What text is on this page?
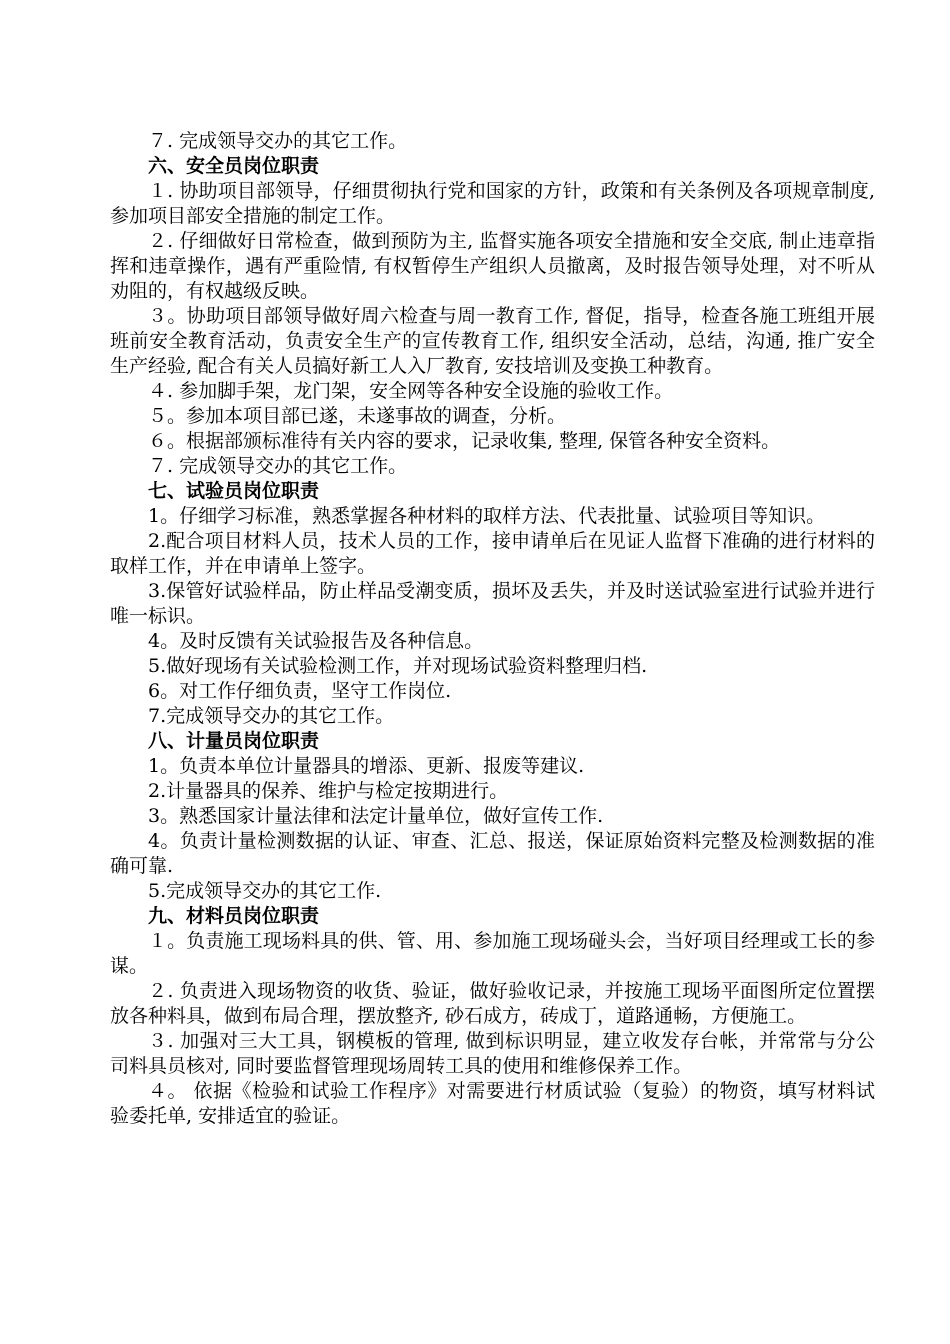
７. 完成领导交办的其它工作。

六、安全员岗位职责

１. 协助项目部领导，仔细贯彻执行党和国家的方针，政策和有关条例及各项规章制度, 参加项目部安全措施的制定工作。

２. 仔细做好日常检查，做到预防为主, 监督实施各项安全措施和安全交底, 制止违章指挥和违章操作，遇有严重险情, 有权暂停生产组织人员撤离，及时报告领导处理，对不听从劝阻的，有权越级反映。

３。协助项目部领导做好周六检查与周一教育工作, 督促，指导，检查各施工班组开展班前安全教育活动，负责安全生产的宣传教育工作, 组织安全活动，总结，沟通, 推广安全生产经验, 配合有关人员搞好新工人入厂教育, 安技培训及变换工种教育。

４. 参加脚手架，龙门架，安全网等各种安全设施的验收工作。

５。参加本项目部已遂，未遂事故的调查，分析。

６。根据部颁标准待有关内容的要求，记录收集, 整理, 保管各种安全资料。

７. 完成领导交办的其它工作。

七、试验员岗位职责

1。仔细学习标准，熟悉掌握各种材料的取样方法、代表批量、试验项目等知识。

2.配合项目材料人员，技术人员的工作，接申请单后在见证人监督下准确的进行材料的取样工作，并在申请单上签字。

3.保管好试验样品，防止样品受潮变质，损坏及丢失，并及时送试验室进行试验并进行唯一标识。

4。及时反馈有关试验报告及各种信息。

5.做好现场有关试验检测工作，并对现场试验资料整理归档.

6。对工作仔细负责，坚守工作岗位.

7.完成领导交办的其它工作。

八、计量员岗位职责

1。负责本单位计量器具的增添、更新、报废等建议.

2.计量器具的保养、维护与检定按期进行。

3。熟悉国家计量法律和法定计量单位，做好宣传工作.

4。负责计量检测数据的认证、审查、汇总、报送，保证原始资料完整及检测数据的准确可靠.

5.完成领导交办的其它工作.

九、材料员岗位职责

１。负责施工现场料具的供、管、用、参加施工现场碰头会，当好项目经理或工长的参谋。

２. 负责进入现场物资的收货、验证，做好验收记录，并按施工现场平面图所定位置摆放各种料具，做到布局合理，摆放整齐, 砂石成方，砖成丁，道路通畅，方便施工。

３. 加强对三大工具，钢模板的管理, 做到标识明显，建立收发存台帐，并常常与分公司料具员核对, 同时要监督管理现场周转工具的使用和维修保养工作。

４。 依据《检验和试验工作程序》对需要进行材质试验（复验）的物资，填写材料试验委托单, 安排适宜的验证。
